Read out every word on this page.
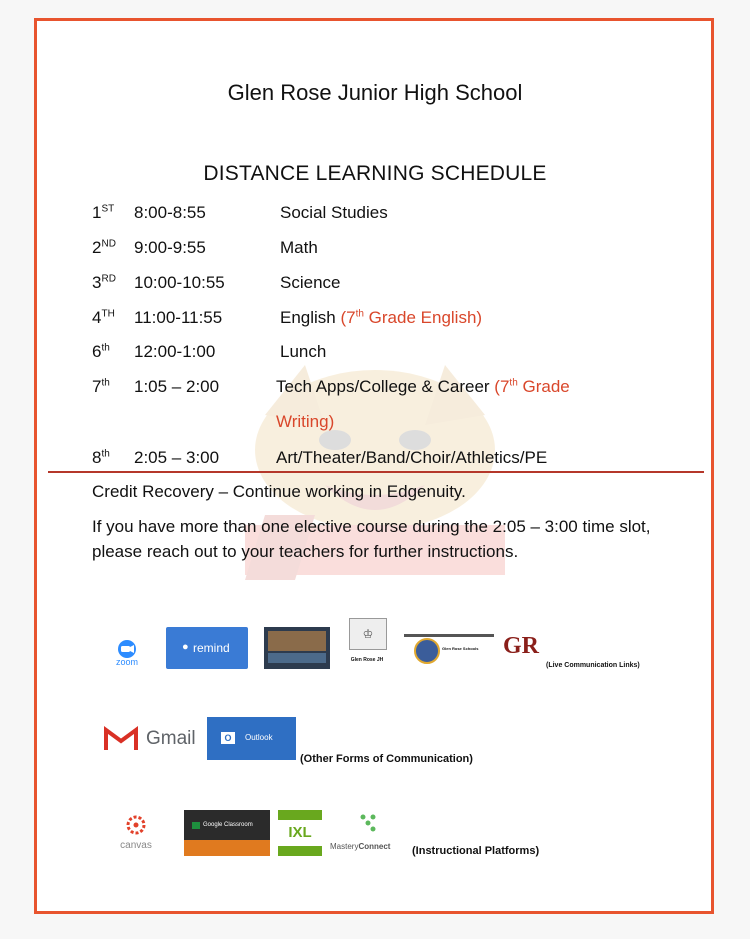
Glen Rose Junior High School
DISTANCE LEARNING SCHEDULE
1ST 8:00-8:55	Social Studies
2ND 9:00-9:55	Math
3RD 10:00-10:55	Science
4TH 11:00-11:55	English (7th Grade English)
6th 12:00-1:00	Lunch
7th 1:05 – 2:00	Tech Apps/College & Career (7th Grade
Writing)
8th 2:05 – 3:00	Art/Theater/Band/Choir/Athletics/PE
Credit Recovery – Continue working in Edgenuity.
If you have more than one elective course during the 2:05 – 3:00 time slot, please reach out to your teachers for further instructions.
zoom
● remind
♔
Glen Rose JH
Glen Rose Schools GR
(Live Communication Links)
Gmail	O	Outlook
(Other Forms of Communication)
canvas
Google Classroom	IXL
MasteryConnect (Instructional Platforms)
